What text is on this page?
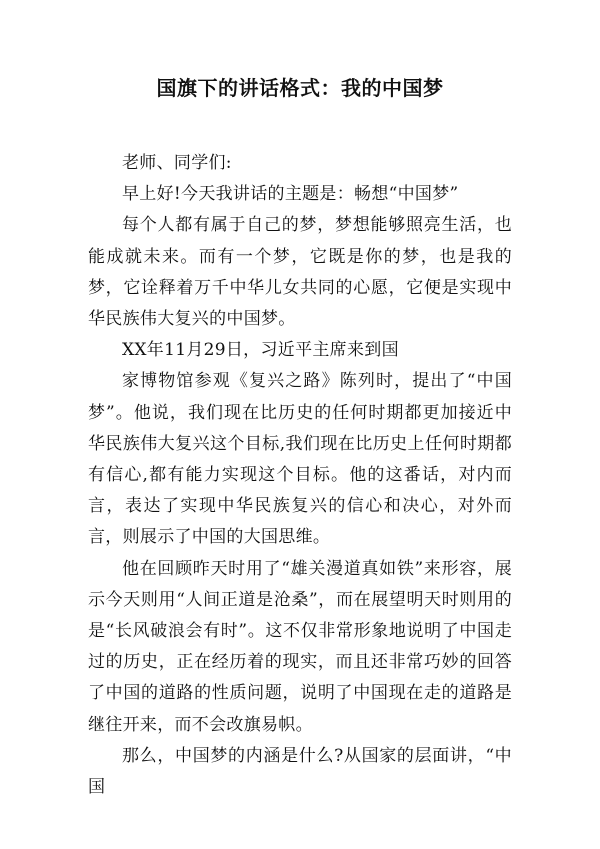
国旗下的讲话格式：我的中国梦

老师、同学们:

早上好!今天我讲话的主题是：畅想“中国梦”

每个人都有属于自己的梦，梦想能够照亮生活，也能成就未来。而有一个梦，它既是你的梦，也是我的梦，它诠释着万千中华儿女共同的心愿，它便是实现中华民族伟大复兴的中国梦。

XX年11月29日，习近平主席来到国

家博物馆参观《复兴之路》陈列时，提出了“中国梦”。他说，我们现在比历史的任何时期都更加接近中华民族伟大复兴这个目标,我们现在比历史上任何时期都有信心,都有能力实现这个目标。他的这番话，对内而言，表达了实现中华民族复兴的信心和决心，对外而言，则展示了中国的大国思维。

他在回顾昨天时用了“雄关漫道真如铁”来形容，展示今天则用“人间正道是沧桑”，而在展望明天时则用的是“长风破浪会有时”。这不仅非常形象地说明了中国走过的历史，正在经历着的现实，而且还非常巧妙的回答了中国的道路的性质问题，说明了中国现在走的道路是继往开来，而不会改旗易帜。

那么，中国梦的内涵是什么?从国家的层面讲，“中国
